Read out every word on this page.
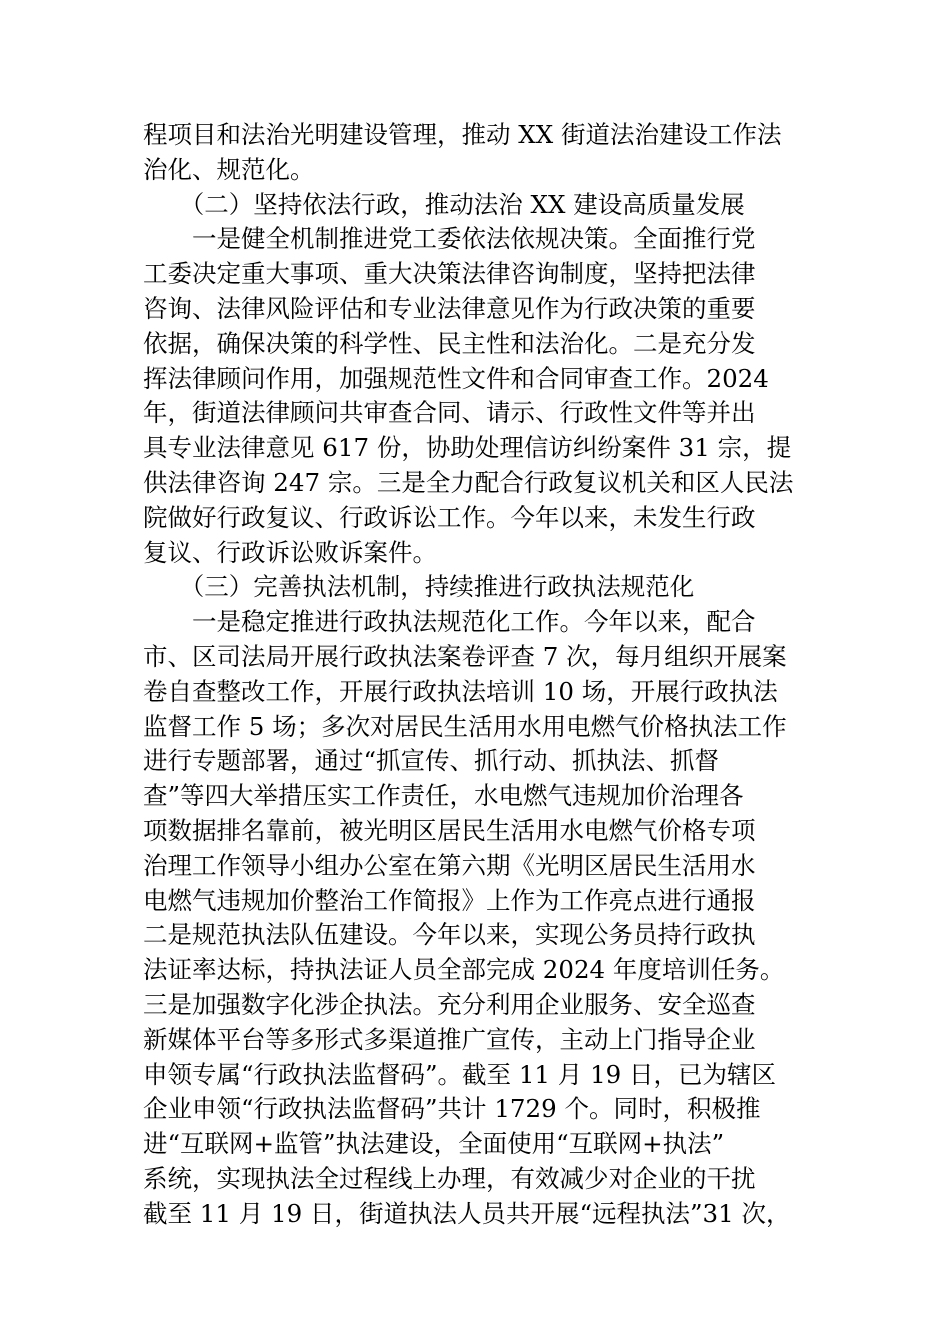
程项目和法治光明建设管理，推动 XX 街道法治建设工作法
治化、规范化。
　　（二）坚持依法行政，推动法治 XX 建设高质量发展
　　一是健全机制推进党工委依法依规决策。全面推行党
工委决定重大事项、重大决策法律咨询制度，坚持把法律
咨询、法律风险评估和专业法律意见作为行政决策的重要
依据，确保决策的科学性、民主性和法治化。二是充分发
挥法律顾问作用，加强规范性文件和合同审查工作。2024
年，街道法律顾问共审查合同、请示、行政性文件等并出
具专业法律意见 617 份，协助处理信访纠纷案件 31 宗，提
供法律咨询 247 宗。三是全力配合行政复议机关和区人民法
院做好行政复议、行政诉讼工作。今年以来，未发生行政
复议、行政诉讼败诉案件。
　　（三）完善执法机制，持续推进行政执法规范化
　　一是稳定推进行政执法规范化工作。今年以来，配合
市、区司法局开展行政执法案卷评查 7 次，每月组织开展案
卷自查整改工作，开展行政执法培训 10 场，开展行政执法
监督工作 5 场；多次对居民生活用水用电燃气价格执法工作
进行专题部署，通过“抓宣传、抓行动、抓执法、抓督
查”等四大举措压实工作责任，水电燃气违规加价治理各
项数据排名靠前，被光明区居民生活用水电燃气价格专项
治理工作领导小组办公室在第六期《光明区居民生活用水
电燃气违规加价整治工作简报》上作为工作亮点进行通报
二是规范执法队伍建设。今年以来，实现公务员持行政执
法证率达标，持执法证人员全部完成 2024 年度培训任务。
三是加强数字化涉企执法。充分利用企业服务、安全巡查
新媒体平台等多形式多渠道推广宣传，主动上门指导企业
申领专属“行政执法监督码”。截至 11 月 19 日，已为辖区
企业申领“行政执法监督码”共计 1729 个。同时，积极推
进“互联网+监管”执法建设，全面使用“互联网+执法”
系统，实现执法全过程线上办理，有效减少对企业的干扰
截至 11 月 19 日，街道执法人员共开展“远程执法”31 次，
